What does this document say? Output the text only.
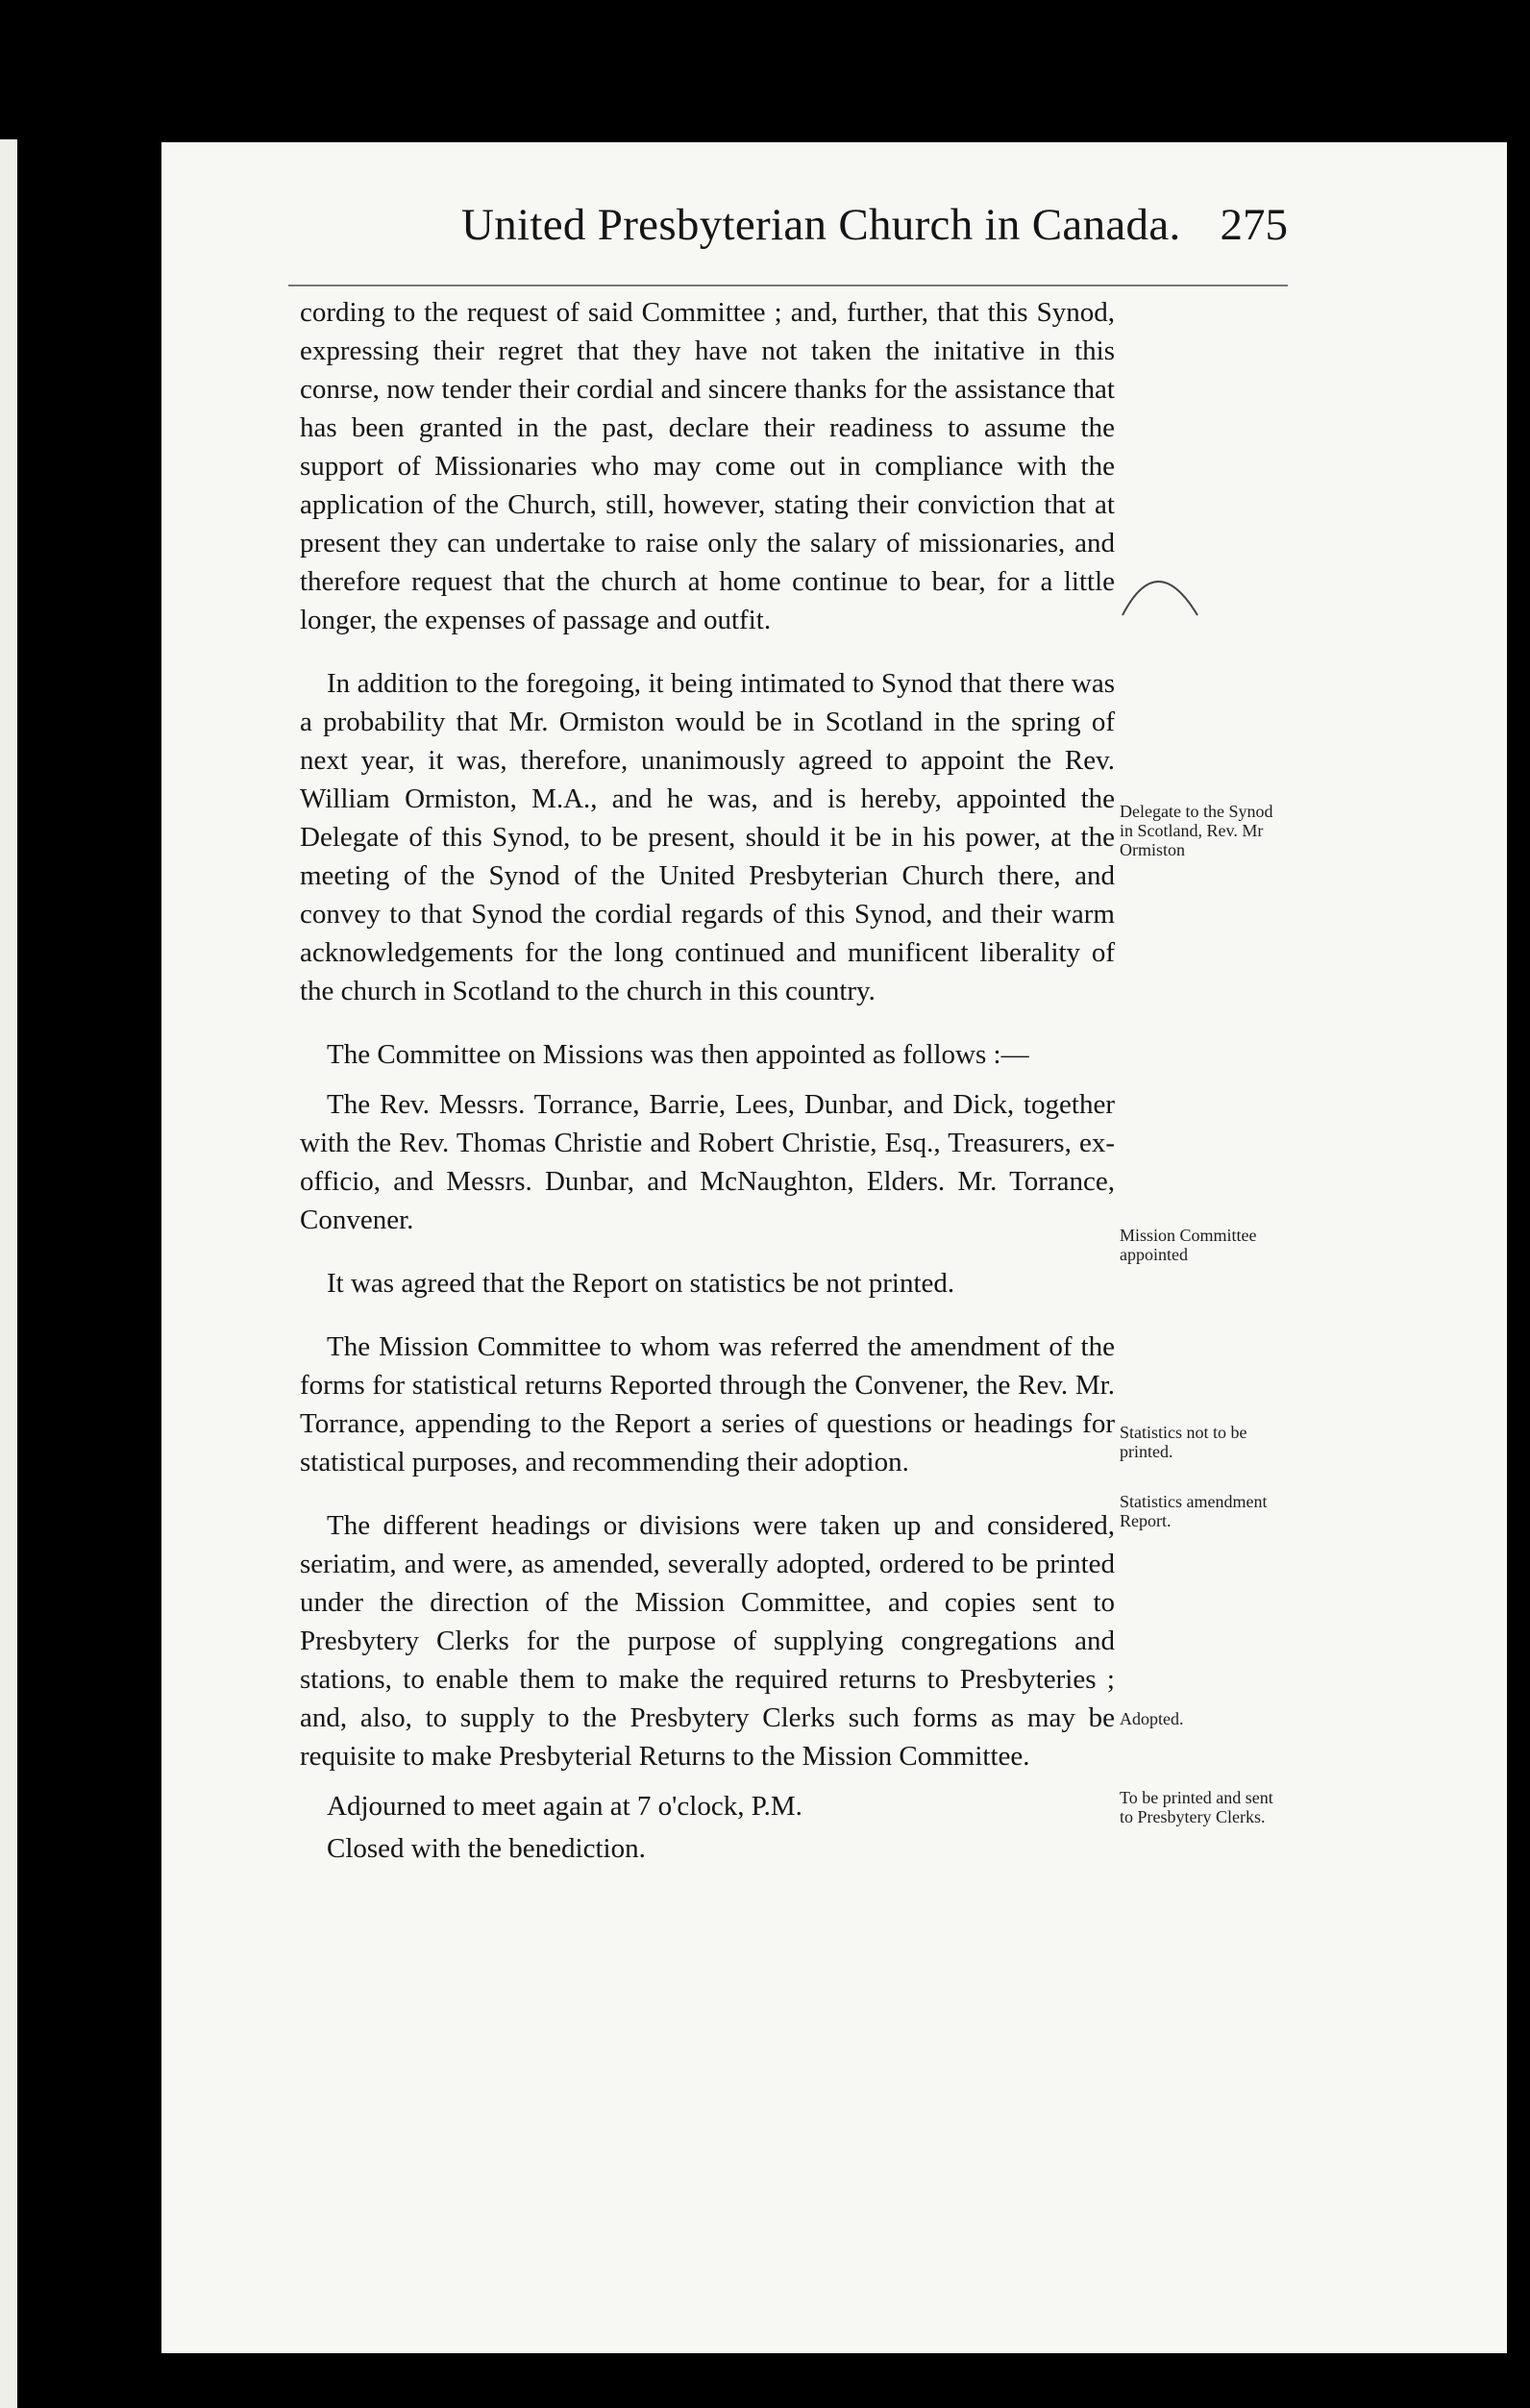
United Presbyterian Church in Canada. 275

cording to the request of said Committee ; and, further, that this Synod, expressing their regret that they have not taken the initative in this conrse, now tender their cordial and sincere thanks for the assistance that has been granted in the past, declare their readiness to assume the support of Missionaries who may come out in compliance with the application of the Church, still, however, stating their conviction that at present they can undertake to raise only the salary of missionaries, and therefore request that the church at home continue to bear, for a little longer, the expenses of passage and outfit.

In addition to the foregoing, it being intimated to Synod that there was a probability that Mr. Ormiston would be in Scotland in the spring of next year, it was, therefore, unanimously agreed to appoint the Rev. William Ormiston, M.A., and he was, and is hereby, appointed the Delegate of this Synod, to be present, should it be in his power, at the meeting of the Synod of the United Presbyterian Church there, and convey to that Synod the cordial regards of this Synod, and their warm acknowledgements for the long continued and munificent liberality of the church in Scotland to the church in this country.

The Committee on Missions was then appointed as follows :—

The Rev. Messrs. Torrance, Barrie, Lees, Dunbar, and Dick, together with the Rev. Thomas Christie and Robert Christie, Esq., Treasurers, ex-officio, and Messrs. Dunbar, and McNaughton, Elders. Mr. Torrance, Convener.

It was agreed that the Report on statistics be not printed.

The Mission Committee to whom was referred the amendment of the forms for statistical returns Reported through the Convener, the Rev. Mr. Torrance, appending to the Report a series of questions or headings for statistical purposes, and recommending their adoption.

The different headings or divisions were taken up and considered, seriatim, and were, as amended, severally adopted, ordered to be printed under the direction of the Mission Committee, and copies sent to Presbytery Clerks for the purpose of supplying congregations and stations, to enable them to make the required returns to Presbyteries ; and, also, to supply to the Presbytery Clerks such forms as may be requisite to make Presbyterial Returns to the Mission Committee.

Adjourned to meet again at 7 o'clock, P.M.

Closed with the benediction.

Delegate to the Synod in Scotland, Rev. Mr Ormiston
Mission Committee appointed
Statistics not to be printed.
Statistics amendment Report.
Adopted.
To be printed and sent to Presbytery Clerks.
